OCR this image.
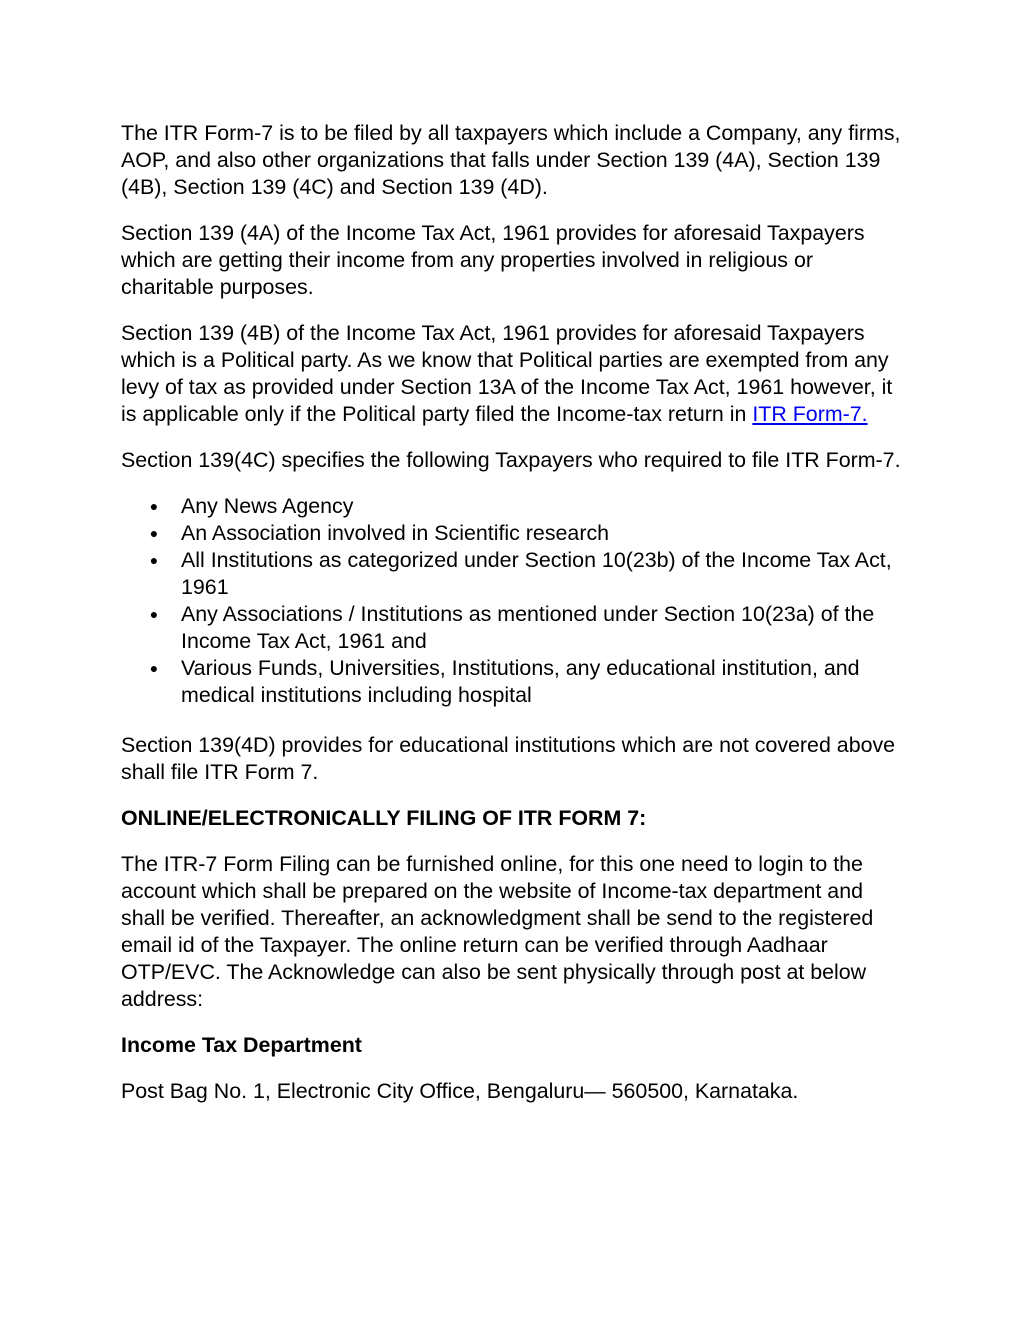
The ITR Form-7 is to be filed by all taxpayers which include a Company, any firms, AOP, and also other organizations that falls under Section 139 (4A), Section 139 (4B), Section 139 (4C) and Section 139 (4D).

Section 139 (4A) of the Income Tax Act, 1961 provides for aforesaid Taxpayers which are getting their income from any properties involved in religious or charitable purposes.

Section 139 (4B) of the Income Tax Act, 1961 provides for aforesaid Taxpayers which is a Political party. As we know that Political parties are exempted from any levy of tax as provided under Section 13A of the Income Tax Act, 1961 however, it is applicable only if the Political party filed the Income-tax return in ITR Form-7.

Section 139(4C) specifies the following Taxpayers who required to file ITR Form-7.

● Any News Agency
● An Association involved in Scientific research
● All Institutions as categorized under Section 10(23b) of the Income Tax Act, 1961
● Any Associations / Institutions as mentioned under Section 10(23a) of the Income Tax Act, 1961 and
● Various Funds, Universities, Institutions, any educational institution, and medical institutions including hospital

Section 139(4D) provides for educational institutions which are not covered above shall file ITR Form 7.

ONLINE/ELECTRONICALLY FILING OF ITR FORM 7:

The ITR-7 Form Filing can be furnished online, for this one need to login to the account which shall be prepared on the website of Income-tax department and shall be verified. Thereafter, an acknowledgment shall be send to the registered email id of the Taxpayer. The online return can be verified through Aadhaar OTP/EVC. The Acknowledge can also be sent physically through post at below address:

Income Tax Department

Post Bag No. 1, Electronic City Office, Bengaluru— 560500, Karnataka.
